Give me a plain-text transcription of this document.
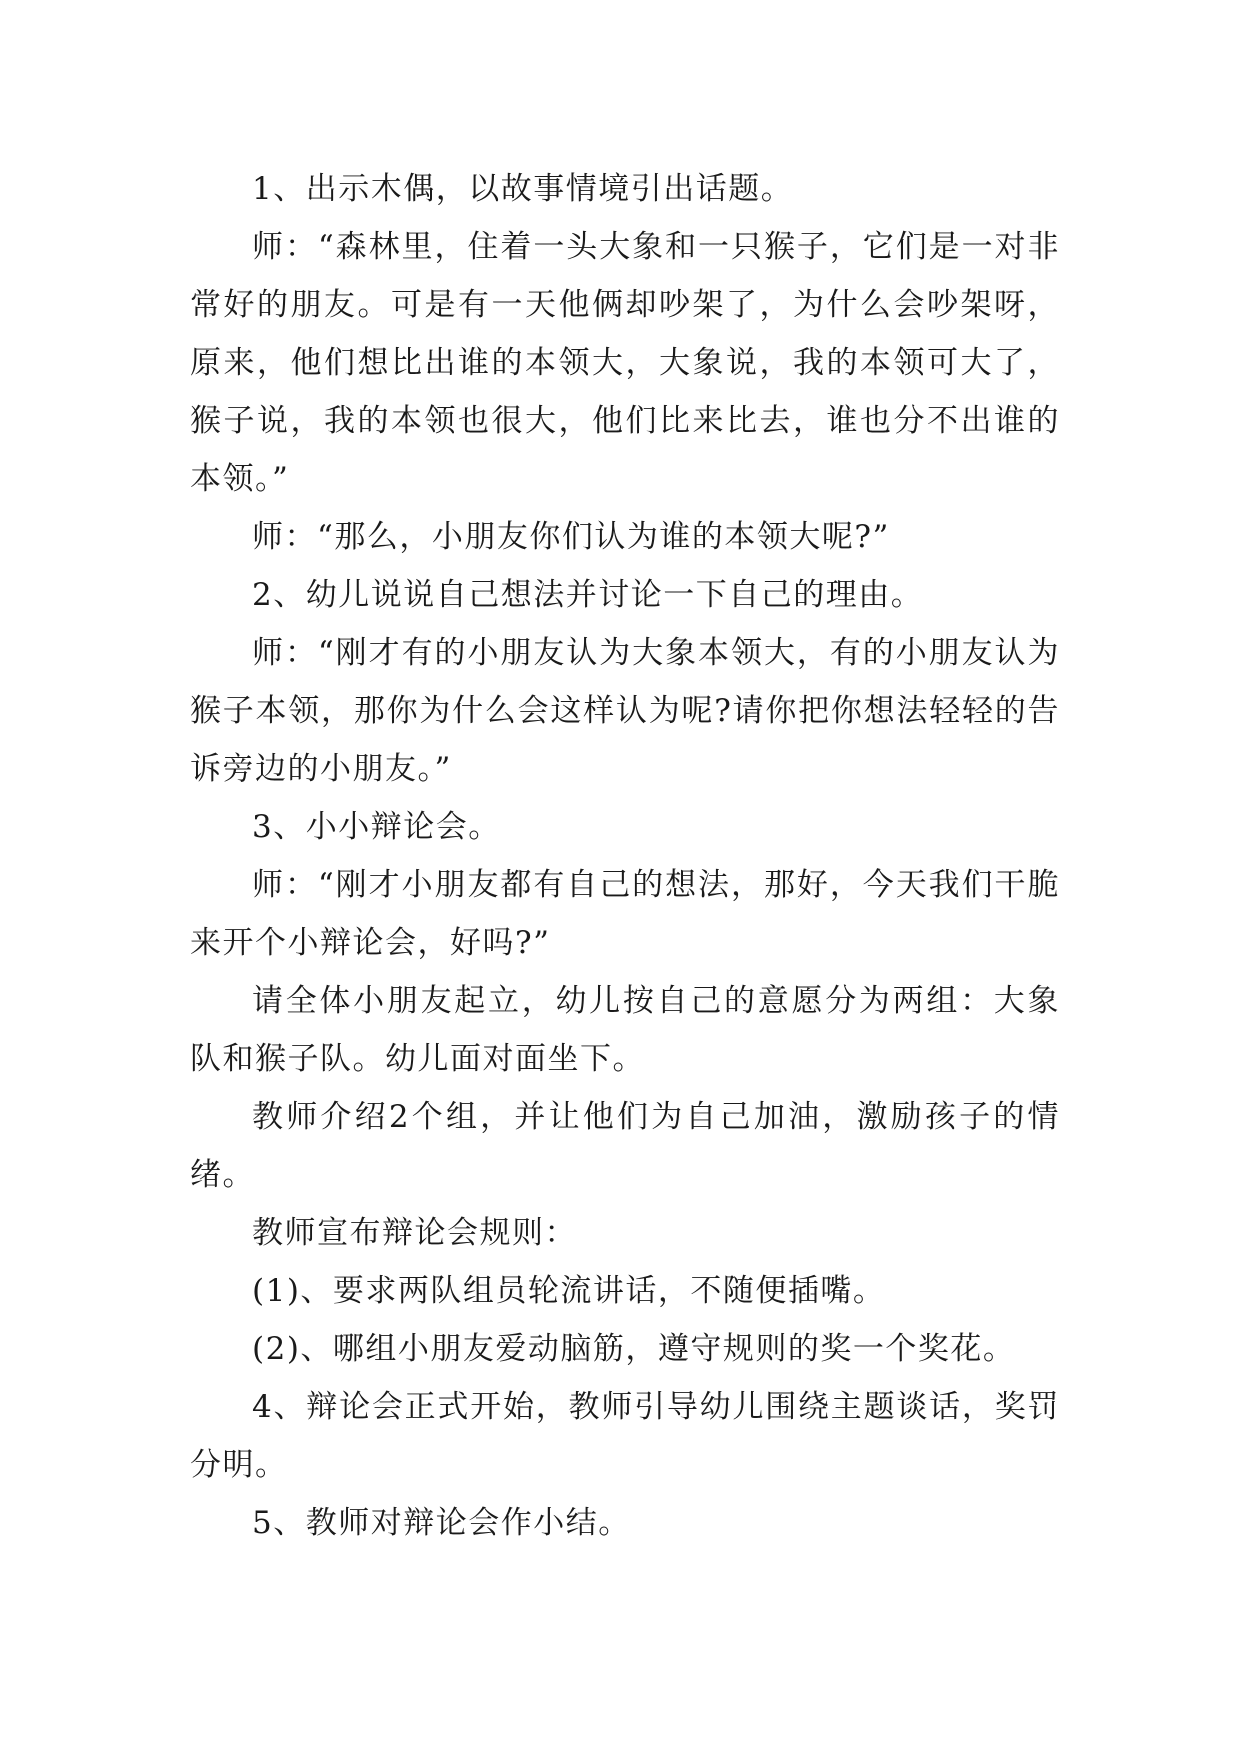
1、出示木偶，以故事情境引出话题。

师：“森林里，住着一头大象和一只猴子，它们是一对非常好的朋友。可是有一天他俩却吵架了，为什么会吵架呀，原来，他们想比出谁的本领大，大象说，我的本领可大了，猴子说，我的本领也很大，他们比来比去，谁也分不出谁的本领。”

师：“那么，小朋友你们认为谁的本领大呢?”

2、幼儿说说自己想法并讨论一下自己的理由。

师：“刚才有的小朋友认为大象本领大，有的小朋友认为猴子本领，那你为什么会这样认为呢?请你把你想法轻轻的告诉旁边的小朋友。”

3、小小辩论会。

师：“刚才小朋友都有自己的想法，那好，今天我们干脆来开个小辩论会，好吗?”

请全体小朋友起立，幼儿按自己的意愿分为两组：大象队和猴子队。幼儿面对面坐下。

教师介绍2个组，并让他们为自己加油，激励孩子的情绪。

教师宣布辩论会规则：

(1)、要求两队组员轮流讲话，不随便插嘴。

(2)、哪组小朋友爱动脑筋，遵守规则的奖一个奖花。

4、辩论会正式开始，教师引导幼儿围绕主题谈话，奖罚分明。

5、教师对辩论会作小结。
